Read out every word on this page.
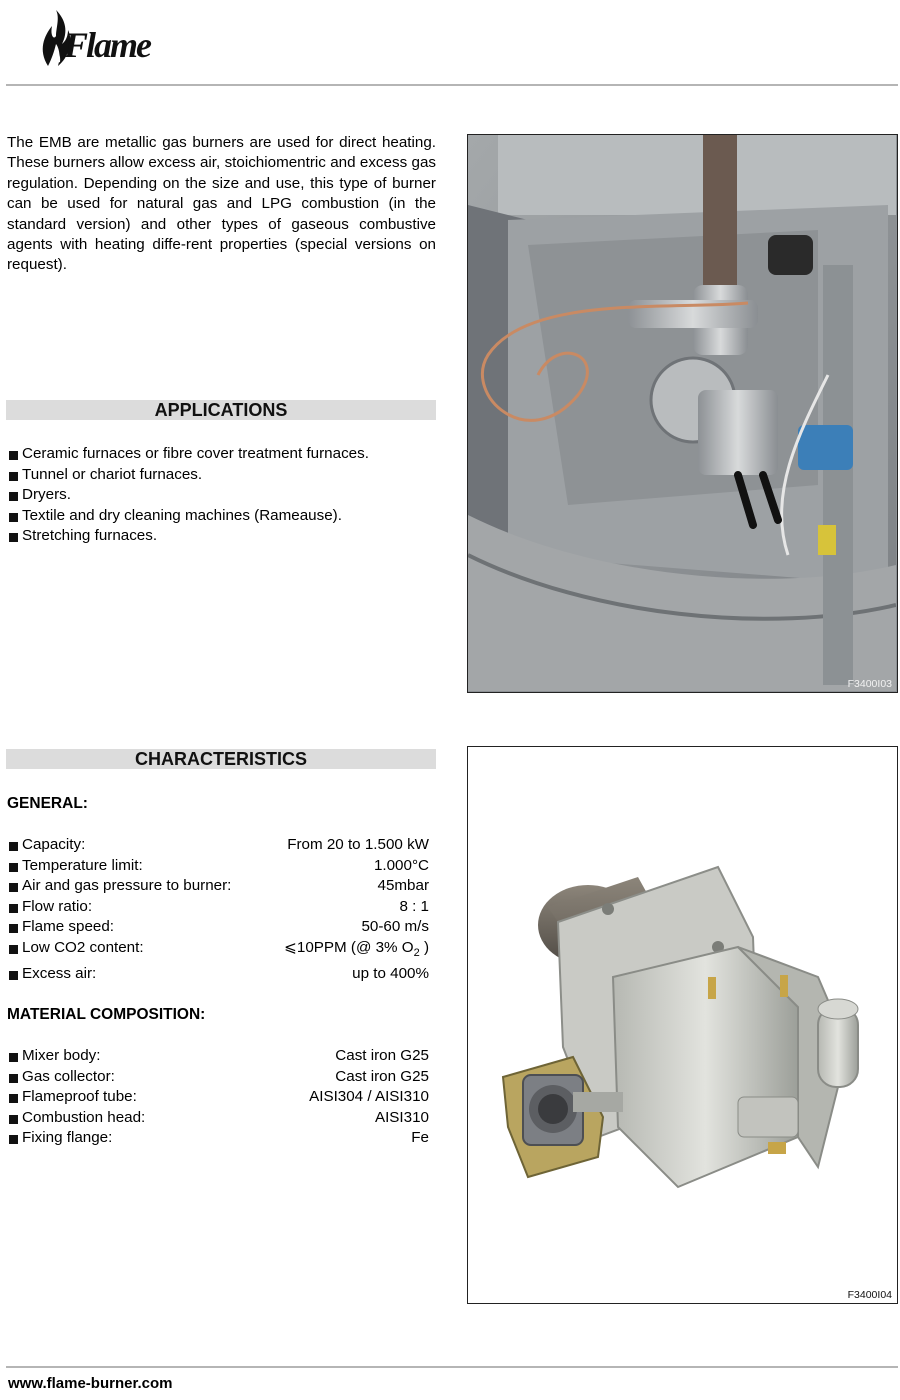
Flame
The EMB are metallic gas burners are used for direct heating. These burners allow excess air, stoichiomentric and excess gas regulation. Depending on the size and use, this type of burner can be used for natural gas and LPG combustion (in the standard version) and other types of gaseous combustive agents with heating diffe-rent properties (special versions on request).
APPLICATIONS
Ceramic furnaces or fibre cover treatment furnaces.
Tunnel or chariot furnaces.
Dryers.
Textile and dry cleaning machines (Rameause).
Stretching furnaces.
CHARACTERISTICS
GENERAL:
Capacity:	From 20 to 1.500 kW
Temperature limit:	1.000°C
Air and gas pressure to burner:	45mbar
Flow ratio:	8 : 1
Flame speed:	50-60 m/s
Low CO2 content:	⩽10PPM (@ 3% $O_2$ )
Excess air:	up to 400%
MATERIAL COMPOSITION:
Mixer body:	Cast iron G25
Gas collector:	Cast iron G25
Flameproof tube:	AISI304 / AISI310
Combustion head:	AISI310
Fixing flange:	Fe
F3400I03
F3400I04
www.flame-burner.com
